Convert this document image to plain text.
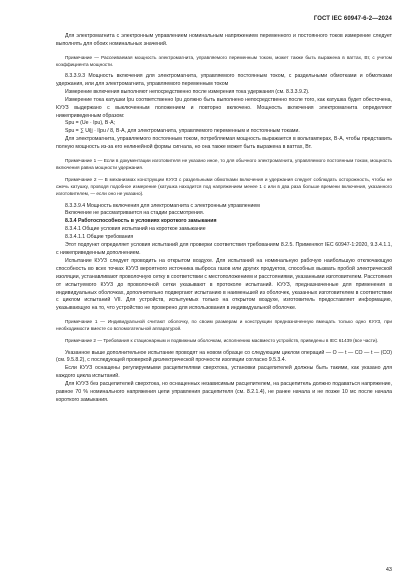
ГОСТ IEC 60947-6-2—2024
Для электромагнита с электронным управлением номинальным напряжением переменного и постоянного токов измерение следует выполнять для обоих номинальных значений.
Примечание — Рассеиваемая мощность электромагнита, управляемого переменным током, может также быть выражена в ваттах, Вт, с учетом коэффициента мощности.
8.3.3.9.3 Мощность включения для электромагнита, управляемого постоянным током, с раздельными обмотками и обмотками удержания, или для электромагнита, управляемого переменным током
Измерение включения выполняют непосредственно после измерения тока удержания (см. 8.3.3.9.2).
Измерение тока катушки Ipu соответственно Ipu должно быть выполнено непосредственно после того, как катушка будет обесточена, КУУЗ выдержано с выключенным положением и повторно включено. Мощность включения электромагнита определяют нижеприведенным образом:
Spu = (Ue · Ipu), В·А;
Spu = ∑ Ui|j · I|pu / 8, В·А, для электромагнита, управляемого переменным и постоянным токами.
Для электромагнита, управляемого постоянным током, потребляемая мощность выражается в вольтамперах, В·А, чтобы представить полную мощность из-за его нелинейной формы сигнала, но она также может быть выражена в ваттах, Вт.
Примечание 1 — Если в документации изготовителя не указано иное, то для обычного электромагнита, управляемого постоянным током, мощность включения равна мощности удержания.
Примечание 2 — В механизмах конструкции КУУЗ с раздельными обмотками включения и удержания следует соблюдать осторожность, чтобы не сжечь катушку, проводя подобное измерение (катушка находится под напряжением менее 1 с или в два раза больше времени включения, указанного изготовителем, — если оно не указано).
8.3.3.9.4 Мощность включения для электромагнита с электронным управлением
Включение не рассматривается на стадии рассмотрения.
8.3.4 Работоспособность в условиях короткого замыкания
8.3.4.1 Общие условия испытаний на короткое замыкание
8.3.4.1.1 Общие требования
Этот подпункт определяет условия испытаний для проверки соответствия требованиям 8.2.5. Применяют IEC 60947-1:2020, 9.3.4.1.1, с нижеприведенным дополнением.
Испытание КУУЗ следует проводить на открытом воздухе. Для испытаний на номинальную рабочую наибольшую отключающую способность во всех точках КУУЗ вероятного источника выброса газов или других продуктов, способных вызвать пробой электрической изоляции, устанавливают проволочную сетку в соответствии с местоположением и расстояниями, указанными изготовителем. Расстояния от испытуемого КУУЗ до проволочной сетки указывают в протоколе испытаний. КУУЗ, предназначенные для применения в индивидуальных оболочках, дополнительно подвергают испытанию в наименьшей из оболочек, указанных изготовителем в соответствии с циклом испытаний VII. Для устройств, испытуемых только на открытом воздухе, изготовитель предоставляет информацию, указывающую на то, что устройство не проверено для использования в индивидуальной оболочке.
Примечание 1 — Индивидуальной считают оболочку, по своим размерам и конструкции предназначенную вмещать только одно КУУЗ, при необходимости вместе со вспомогательной аппаратурой.
Примечание 2 — Требования к стационарным и подвижным оболочкам, исполнению масвместо устройств, приведены в IEC 61439 (все части).
Указанное выше дополнительное испытание проводят на новом образце со следующим циклом операций — O — t — CO — t — (CO) (см. 9.5.8.2), с последующей проверкой диэлектрической прочности изоляции согласно 9.5.3.4.
Если КУУЗ оснащены регулируемыми расцепителями сверхтока, установки расцепителей должны быть такими, как указано для каждого цикла испытаний.
Для КУУЗ без расцепителей сверхтока, но оснащенных независимым расцепителем, на расцепитель должно подаваться напряжение, равное 70 % номинального напряжения цепи управления расцепителя (см. 8.2.1.4), не ранее начала и не позже 10 мс после начала короткого замыкания.
43
